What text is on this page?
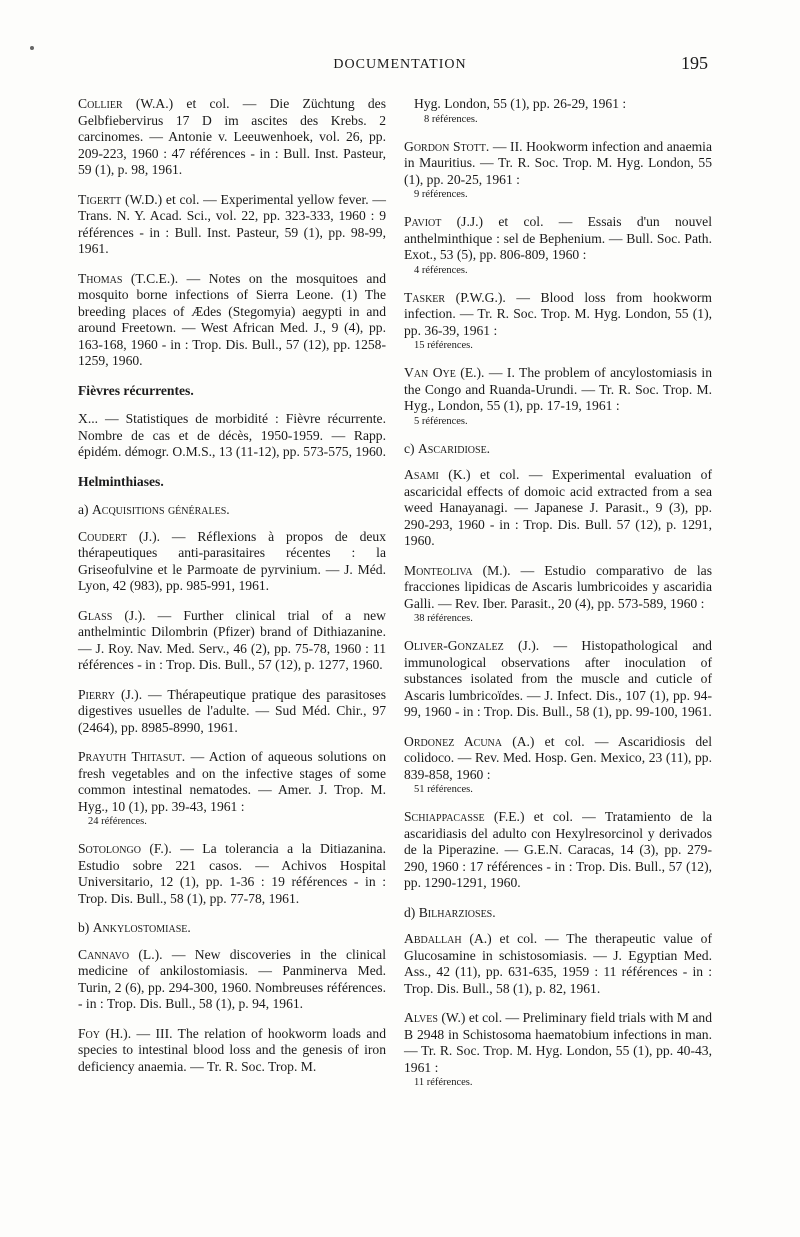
DOCUMENTATION	195
Collier (W.A.) et col. — Die Züchtung des Gelbfiebervirus 17 D im ascites des Krebs. 2 carcinomes. — Antonie v. Leeuwenhoek, vol. 26, pp. 209-223, 1960 : 47 références - in : Bull. Inst. Pasteur, 59 (1), p. 98, 1961.
Tigertt (W.D.) et col. — Experimental yellow fever. — Trans. N. Y. Acad. Sci., vol. 22, pp. 323-333, 1960 : 9 références - in : Bull. Inst. Pasteur, 59 (1), pp. 98-99, 1961.
Thomas (T.C.E.). — Notes on the mosquitoes and mosquito borne infections of Sierra Leone. (1) The breeding places of Ædes (Stegomyia) aegypti in and around Freetown. — West African Med. J., 9 (4), pp. 163-168, 1960 - in : Trop. Dis. Bull., 57 (12), pp. 1258-1259, 1960.
Fièvres récurrentes.
X... — Statistiques de morbidité : Fièvre récurrente. Nombre de cas et de décès, 1950-1959. — Rapp. épidém. démogr. O.M.S., 13 (11-12), pp. 573-575, 1960.
Helminthiases.
a) Acquisitions générales.
Coudert (J.). — Réflexions à propos de deux thérapeutiques anti-parasitaires récentes : la Griseofulvine et le Parmoate de pyrvinium. — J. Méd. Lyon, 42 (983), pp. 985-991, 1961.
Glass (J.). — Further clinical trial of a new anthelmintic Dilombrin (Pfizer) brand of Dithiazanine. — J. Roy. Nav. Med. Serv., 46 (2), pp. 75-78, 1960 : 11 références - in : Trop. Dis. Bull., 57 (12), p. 1277, 1960.
Pierry (J.). — Thérapeutique pratique des parasitoses digestives usuelles de l'adulte. — Sud Méd. Chir., 97 (2464), pp. 8985-8990, 1961.
Prayuth Thitasut. — Action of aqueous solutions on fresh vegetables and on the infective stages of some common intestinal nematodes. — Amer. J. Trop. M. Hyg., 10 (1), pp. 39-43, 1961 :
24 références.
Sotolongo (F.). — La tolerancia a la Ditiazanina. Estudio sobre 221 casos. — Achivos Hospital Universitario, 12 (1), pp. 1-36 : 19 références - in : Trop. Dis. Bull., 58 (1), pp. 77-78, 1961.
b) Ankylostomiase.
Cannavo (L.). — New discoveries in the clinical medicine of ankilostomiasis. — Panminerva Med. Turin, 2 (6), pp. 294-300, 1960. Nombreuses références. - in : Trop. Dis. Bull., 58 (1), p. 94, 1961.
Foy (H.). — III. The relation of hookworm loads and species to intestinal blood loss and the genesis of iron deficiency anaemia. — Tr. R. Soc. Trop. M.
Hyg. London, 55 (1), pp. 26-29, 1961 :
8 références.
Gordon Stott. — II. Hookworm infection and anaemia in Mauritius. — Tr. R. Soc. Trop. M. Hyg. London, 55 (1), pp. 20-25, 1961 :
9 références.
Paviot (J.J.) et col. — Essais d'un nouvel anthelminthique : sel de Bephenium. — Bull. Soc. Path. Exot., 53 (5), pp. 806-809, 1960 :
4 références.
Tasker (P.W.G.). — Blood loss from hookworm infection. — Tr. R. Soc. Trop. M. Hyg. London, 55 (1), pp. 36-39, 1961 :
15 références.
Van Oye (E.). — I. The problem of ancylostomiasis in the Congo and Ruanda-Urundi. — Tr. R. Soc. Trop. M. Hyg., London, 55 (1), pp. 17-19, 1961 :
5 références.
c) Ascaridiose.
Asami (K.) et col. — Experimental evaluation of ascaricidal effects of domoic acid extracted from a sea weed Hanayanagi. — Japanese J. Parasit., 9 (3), pp. 290-293, 1960 - in : Trop. Dis. Bull. 57 (12), p. 1291, 1960.
Monteoliva (M.). — Estudio comparativo de las fracciones lipidicas de Ascaris lumbricoides y ascaridia Galli. — Rev. Iber. Parasit., 20 (4), pp. 573-589, 1960 :
38 références.
Oliver-Gonzalez (J.). — Histopathological and immunological observations after inoculation of substances isolated from the muscle and cuticle of Ascaris lumbricoïdes. — J. Infect. Dis., 107 (1), pp. 94-99, 1960 - in : Trop. Dis. Bull., 58 (1), pp. 99-100, 1961.
Ordonez Acuna (A.) et col. — Ascaridiosis del colidoco. — Rev. Med. Hosp. Gen. Mexico, 23 (11), pp. 839-858, 1960 :
51 références.
Schiappacasse (F.E.) et col. — Tratamiento de la ascaridiasis del adulto con Hexylresorcinol y derivados de la Piperazine. — G.E.N. Caracas, 14 (3), pp. 279-290, 1960 : 17 références - in : Trop. Dis. Bull., 57 (12), pp. 1290-1291, 1960.
d) Bilharzioses.
Abdallah (A.) et col. — The therapeutic value of Glucosamine in schistosomiasis. — J. Egyptian Med. Ass., 42 (11), pp. 631-635, 1959 : 11 références - in : Trop. Dis. Bull., 58 (1), p. 82, 1961.
Alves (W.) et col. — Preliminary field trials with M and B 2948 in Schistosoma haematobium infections in man. — Tr. R. Soc. Trop. M. Hyg. London, 55 (1), pp. 40-43, 1961 :
11 références.
